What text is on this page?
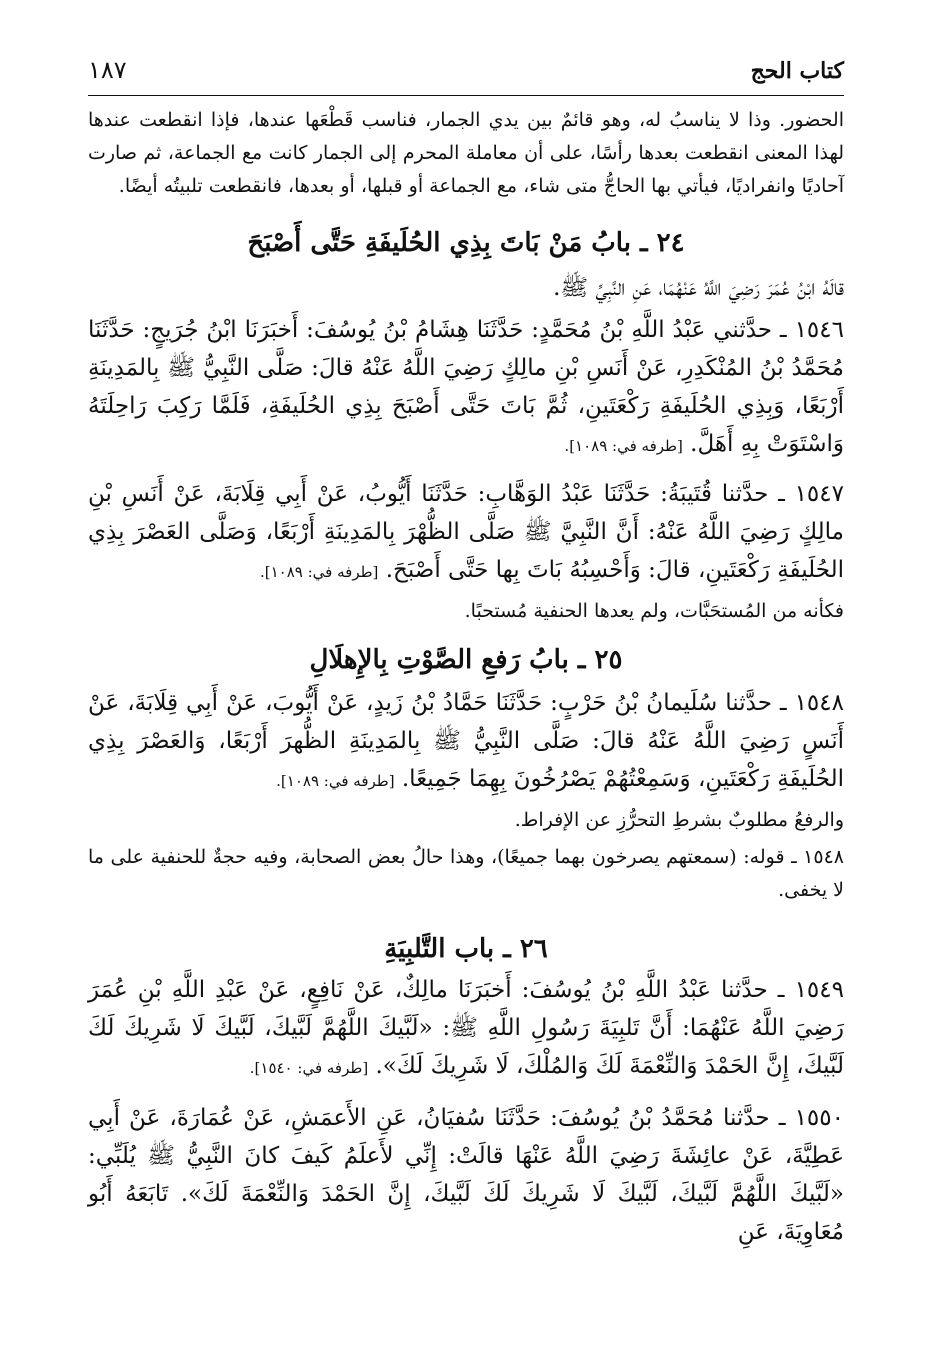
كتاب الحج
١٨٧

الحضور. وذا لا يناسبُ له، وهو قائمٌ بين يدي الجمار، فناسب قَطْعَها عندها، فإذا انقطعت عندها لهذا المعنى انقطعت بعدها رأسًا، على أن معاملة المحرم إلى الجمار كانت مع الجماعة، ثم صارت آحاديًا وانفراديًا، فيأتي بها الحاجُّ متى شاء، مع الجماعة أو قبلها، أو بعدها، فانقطعت تلبيتُه أيضًا.

٢٤ ـ بابُ مَنْ بَاتَ بِذِي الحُلَيفَةِ حَتَّى أَصْبَحَ

قالَهُ ابْنُ عُمَرَ رَضِيَ اللَّهُ عَنْهُمَا، عَنِ النَّبِيِّ ﷺ.

١٥٤٦ ـ حدَّثني عَبْدُ اللَّهِ بْنُ مُحَمَّدٍ: حَدَّثَنَا هِشَامُ بْنُ يُوسُفَ: أَخبَرَنَا ابْنُ جُرَيجٍ: حَدَّثَنَا مُحَمَّدُ بْنُ المُنْكَدِرِ، عَنْ أَنَسِ بْنِ مالِكٍ رَضِيَ اللَّهُ عَنْهُ قالَ: صَلَّى النَّبِيُّ ﷺ بِالمَدِينَةِ أَرْبَعًا، وَبِذِي الحُلَيفَةِ رَكْعَتَينِ، ثُمَّ بَاتَ حَتَّى أَصْبَحَ بِذِي الحُلَيفَةِ، فَلَمَّا رَكِبَ رَاحِلَتَهُ وَاسْتَوَتْ بِهِ أَهَلَّ. [طرفه في: ١٠٨٩].

١٥٤٧ ـ حدَّثنا قُتَيبَةُ: حَدَّثَنَا عَبْدُ الوَهَّابِ: حَدَّثَنَا أَيُّوبُ، عَنْ أَبِي قِلَابَةَ، عَنْ أَنَسِ بْنِ مالِكٍ رَضِيَ اللَّهُ عَنْهُ: أَنَّ النَّبِيَّ ﷺ صَلَّى الظُّهْرَ بِالمَدِينَةِ أَرْبَعًا، وَصَلَّى العَصْرَ بِذِي الحُلَيفَةِ رَكْعَتَينِ، قالَ: وَأَحْسِبُهُ بَاتَ بِها حَتَّى أَصْبَحَ. [طرفه في: ١٠٨٩].

فكأنه من المُستحَبَّات، ولم يعدها الحنفية مُستحبًا.

٢٥ ـ بابُ رَفعِ الصَّوْتِ بِالإِهلَالِ

١٥٤٨ ـ حدَّثنا سُلَيمانُ بْنُ حَرْبٍ: حَدَّثَنَا حَمَّادُ بْنُ زَيدٍ، عَنْ أَيُّوبَ، عَنْ أَبِي قِلَابَةَ، عَنْ أَنَسٍ رَضِيَ اللَّهُ عَنْهُ قالَ: صَلَّى النَّبِيُّ ﷺ بِالمَدِينَةِ الظُّهرَ أَرْبَعًا، وَالعَصْرَ بِذِي الحُلَيفَةِ رَكْعَتَينِ، وَسَمِعْتُهُمْ يَصْرُخُونَ بِهِمَا جَمِيعًا. [طرفه في: ١٠٨٩].

والرفعُ مطلوبٌ بشرطِ التحرُّزِ عن الإفراط.

١٥٤٨ ـ قوله: (سمعتهم يصرخون بهما جميعًا)، وهذا حالُ بعض الصحابة، وفيه حجةٌ للحنفية على ما لا يخفى.

٢٦ ـ باب التَّلبِيَةِ

١٥٤٩ ـ حدَّثنا عَبْدُ اللَّهِ بْنُ يُوسُفَ: أَخبَرَنَا مالِكٌ، عَنْ نَافِعٍ، عَنْ عَبْدِ اللَّهِ بْنِ عُمَرَ رَضِيَ اللَّهُ عَنْهُمَا: أَنَّ تَلبِيَةَ رَسُولِ اللَّهِ ﷺ: «لَبَّيكَ اللَّهُمَّ لَبَّيكَ، لَبَّيكَ لَا شَرِيكَ لَكَ لَبَّيكَ، إِنَّ الحَمْدَ وَالنِّعْمَةَ لَكَ وَالمُلْكَ، لَا شَرِيكَ لَكَ». [طرفه في: ١٥٤٠].

١٥٥٠ ـ حدَّثنا مُحَمَّدُ بْنُ يُوسُفَ: حَدَّثَنَا سُفيَانُ، عَنِ الأَعمَشِ، عَنْ عُمَارَةَ، عَنْ أَبِي عَطِيَّةَ، عَنْ عائِشَةَ رَضِيَ اللَّهُ عَنْهَا قالَتْ: إِنِّي لأَعلَمُ كَيفَ كانَ النَّبِيُّ ﷺ يُلَبِّي: «لَبَّيكَ اللَّهُمَّ لَبَّيكَ، لَبَّيكَ لَا شَرِيكَ لَكَ لَبَّيكَ، إِنَّ الحَمْدَ وَالنِّعْمَةَ لَكَ». تَابَعَهُ أَبُو مُعَاوِيَةَ، عَنِ
